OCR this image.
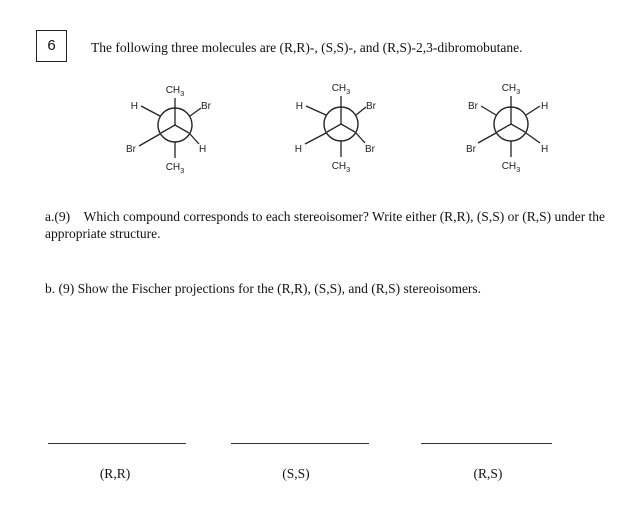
6	The following three molecules are (R,R)-, (S,S)-, and (R,S)-2,3-dibromobutane.
$CH_3$
H	Br
Br	H
$CH_3$
$CH_3$
H	Br
H	Br
$CH_3$
$CH_3$
Br	H
Br	H
$CH_3$
a.(9) Which compound corresponds to each stereoisomer? Write either (R,R), (S,S) or (R,S) under the appropriate structure.
b. (9) Show the Fischer projections for the (R,R), (S,S), and (R,S) stereoisomers.
(R,R)	(S,S)	(R,S)
